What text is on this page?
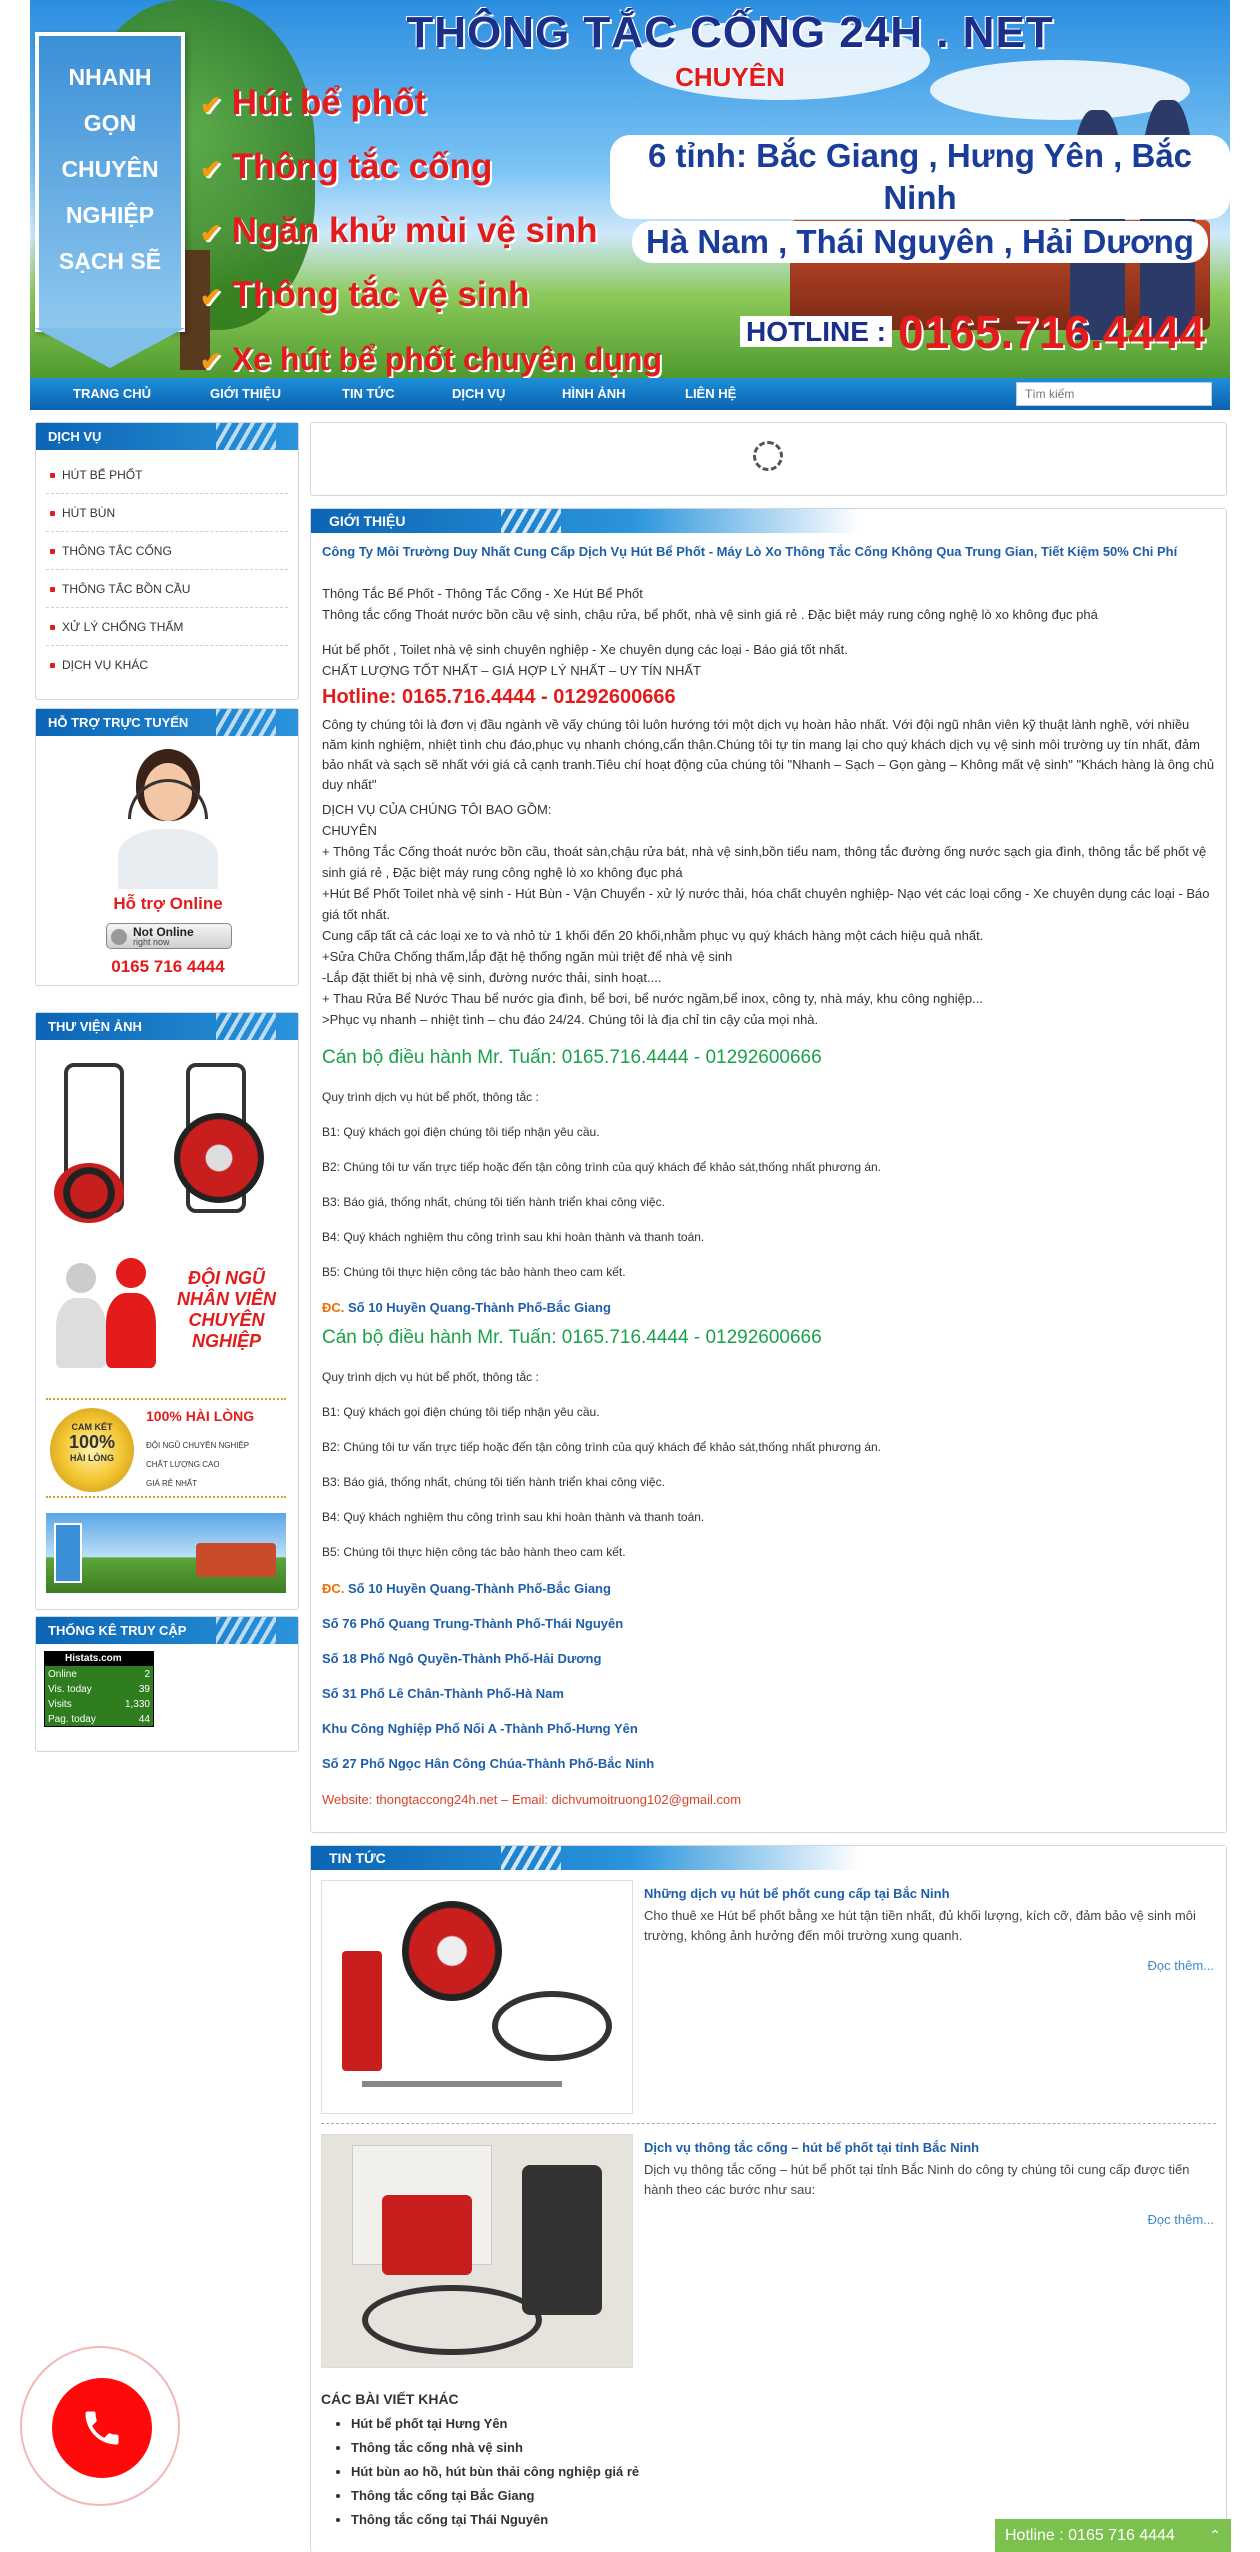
THÔNG TẮC CỐNG 24H . NET
CHUYÊN
NHANH
GỌN
CHUYÊN
NGHIỆP
SẠCH SẼ
✔ Hút bể phốt
✔ Thông tắc cống
✔ Ngăn khử mùi vệ sinh
✔ Thông tắc vệ sinh
✔ Xe hút bể phốt chuyên dụng
6 tỉnh: Bắc Giang , Hưng Yên , Bắc Ninh
Hà Nam , Thái Nguyên , Hải Dương
HOTLINE : 0165.716.4444
TRANG CHỦ	GIỚI THIỆU	TIN TỨC	DỊCH VỤ	HÌNH ẢNH	LIÊN HỆ
Tìm kiếm
DỊCH VỤ
HÚT BỂ PHỐT
HÚT BÙN
THÔNG TẮC CỐNG
THÔNG TẮC BỒN CẦU
XỬ LÝ CHỐNG THẤM
DỊCH VỤ KHÁC
HỖ TRỢ TRỰC TUYẾN
Hỗ trợ Online
Not Online
right now
0165 716 4444
THƯ VIỆN ẢNH
ĐỘI NGŨ
NHÂN VIÊN
CHUYÊN
NGHIỆP
CAM KẾT
100%
HÀI LÒNG
100% HÀI LÒNG
ĐỘI NGŨ CHUYÊN NGHIỆP
CHẤT LƯỢNG CAO
GIÁ RẺ NHẤT
THỐNG KÊ TRUY CẬP
Histats.com
Online	2
Vis. today	39
Visits	1,330
Pag. today	44
GIỚI THIỆU
Công Ty Môi Trường Duy Nhất Cung Cấp Dịch Vụ Hút Bể Phốt - Máy Lò Xo Thông Tắc Cống Không Qua Trung Gian, Tiết Kiệm 50% Chi Phí
Thông Tắc Bể Phốt - Thông Tắc Cống - Xe Hút Bể Phốt
Thông tắc cống Thoát nước bồn cầu vệ sinh, chậu rửa, bể phốt, nhà vệ sinh giá rẻ . Đặc biệt máy rung công nghệ lò xo không đục phá
Hút bể phốt , Toilet nhà vệ sinh chuyên nghiệp - Xe chuyên dụng các loại - Báo giá tốt nhất.
CHẤT LƯỢNG TỐT NHẤT – GIÁ HỢP LÝ NHẤT – UY TÍN NHẤT
Hotline: 0165.716.4444 - 01292600666
Công ty chúng tôi là đơn vị đầu ngành về vấy chúng tôi luôn hướng tới một dịch vụ hoàn hảo nhất. Với đội ngũ nhân viên kỹ thuật lành nghề, với nhiều năm kinh nghiệm, nhiệt tình chu đáo,phục vụ nhanh chóng,cẩn thận.Chúng tôi tự tin mang lại cho quý khách dịch vụ vệ sinh môi trường uy tín nhất, đảm bảo nhất và sạch sẽ nhất với giá cả cạnh tranh.Tiêu chí hoạt động của chúng tôi "Nhanh – Sạch – Gọn gàng – Không mất vệ sinh" "Khách hàng là ông chủ duy nhất"
DỊCH VỤ CỦA CHÚNG TÔI BAO GỒM:
CHUYÊN
+ Thông Tắc Cống thoát nước bồn cầu, thoát sàn,chậu rửa bát, nhà vệ sinh,bồn tiểu nam, thông tắc đường ống nước sạch gia đình, thông tắc bể phốt vệ sinh giá rẻ , Đặc biệt máy rung công nghệ lò xo không đục phá
+Hút Bể Phốt Toilet nhà vệ sinh - Hút Bùn - Vận Chuyển - xử lý nước thải, hóa chất chuyên nghiệp- Nạo vét các loại cống - Xe chuyên dụng các loại - Báo giá tốt nhất.
Cung cấp tất cả các loại xe to và nhỏ từ 1 khối đến 20 khối,nhằm phục vụ quý khách hàng một cách hiệu quả nhất.
+Sửa Chữa Chống thấm,lắp đặt hệ thống ngăn mùi triệt để nhà vệ sinh
-Lắp đặt thiết bị nhà vệ sinh, đường nước thải, sinh hoạt....
+ Thau Rửa Bể Nước Thau bể nước gia đình, bể bơi, bể nước ngầm,bể inox, công ty, nhà máy, khu công nghiệp...
>Phục vụ nhanh – nhiệt tình – chu đáo 24/24. Chúng tôi là địa chỉ tin cậy của mọi nhà.
Cán bộ điều hành Mr. Tuấn: 0165.716.4444 - 01292600666
Quy trình dịch vụ hút bể phốt, thông tắc :
B1: Quý khách gọi điện chúng tôi tiếp nhận yêu cầu.
B2: Chúng tôi tư vấn trực tiếp hoặc đến tận công trình của quý khách để khảo sát,thống nhất phương án.
B3: Báo giá, thống nhất, chúng tôi tiến hành triển khai công việc.
B4: Quý khách nghiệm thu công trình sau khi hoàn thành và thanh toán.
B5: Chúng tôi thực hiện công tác bảo hành theo cam kết.
ĐC. Số 10 Huyền Quang-Thành Phố-Bắc Giang
Cán bộ điều hành Mr. Tuấn: 0165.716.4444 - 01292600666
Quy trình dịch vụ hút bể phốt, thông tắc :
B1: Quý khách gọi điện chúng tôi tiếp nhận yêu cầu.
B2: Chúng tôi tư vấn trực tiếp hoặc đến tận công trình của quý khách để khảo sát,thống nhất phương án.
B3: Báo giá, thống nhất, chúng tôi tiến hành triển khai công việc.
B4: Quý khách nghiệm thu công trình sau khi hoàn thành và thanh toán.
B5: Chúng tôi thực hiện công tác bảo hành theo cam kết.
ĐC. Số 10 Huyền Quang-Thành Phố-Bắc Giang
Số 76 Phố Quang Trung-Thành Phố-Thái Nguyên
Số 18 Phố Ngô Quyền-Thành Phố-Hải Dương
Số 31 Phố Lê Chân-Thành Phố-Hà Nam
Khu Công Nghiệp Phố Nối A -Thành Phố-Hưng Yên
Số 27 Phố Ngọc Hân Công Chúa-Thành Phố-Bắc Ninh
Website: thongtaccong24h.net – Email: dichvumoitruong102@gmail.com
TIN TỨC
Những dịch vụ hút bể phốt cung cấp tại Bắc Ninh
Cho thuê xe Hút bể phốt bằng xe hút tận tiền nhất, đủ khối lượng, kích cỡ, đảm bảo vệ sinh môi trường, không ảnh hưởng đến môi trường xung quanh.
Đọc thêm...
Dịch vụ thông tắc cống – hút bể phốt tại tỉnh Bắc Ninh
Dịch vụ thông tắc cống – hút bể phốt tại tỉnh Bắc Ninh do công ty chúng tôi cung cấp được tiến hành theo các bước như sau:
Đọc thêm...
CÁC BÀI VIẾT KHÁC
• Hút bể phốt tại Hưng Yên
• Thông tắc cống nhà vệ sinh
• Hút bùn ao hồ, hút bùn thải công nghiệp giá rẻ
• Thông tắc cống tại Bắc Giang
• Thông tắc cống tại Thái Nguyên
Hotline : 0165 716 4444 ⌃
